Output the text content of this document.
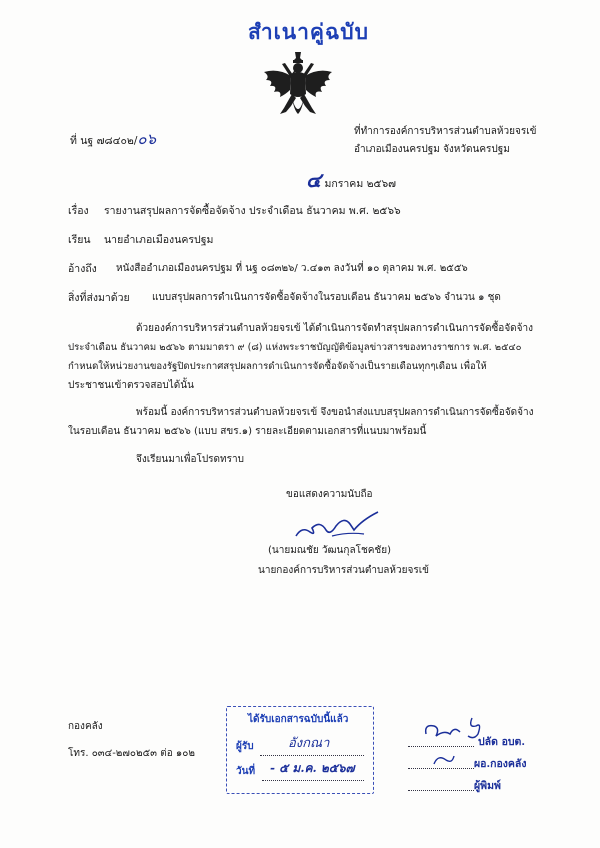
สำเนาคู่ฉบับ
ที่ นฐ ๗๘๔๐๒/๐๖	ที่ทำการองค์การบริหารส่วนตำบลห้วยจรเข้
อำเภอเมืองนครปฐม จังหวัดนครปฐม
๔ มกราคม ๒๕๖๗
เรื่อง รายงานสรุปผลการจัดซื้อจัดจ้าง ประจำเดือน ธันวาคม พ.ศ. ๒๕๖๖
เรียน นายอำเภอเมืองนครปฐม
อ้างถึง หนังสืออำเภอเมืองนครปฐม ที่ นฐ ๐๘๓๒๖/ ว.๔๑๓ ลงวันที่ ๑๐ ตุลาคม พ.ศ. ๒๕๕๖
สิ่งที่ส่งมาด้วย แบบสรุปผลการดำเนินการจัดซื้อจัดจ้างในรอบเดือน ธันวาคม ๒๕๖๖ จำนวน ๑ ชุด
ด้วยองค์การบริหารส่วนตำบลห้วยจรเข้ ได้ดำเนินการจัดทำสรุปผลการดำเนินการจัดซื้อจัดจ้าง
ประจำเดือน ธันวาคม ๒๕๖๖ ตามมาตรา ๙ (๘) แห่งพระราชบัญญัติข้อมูลข่าวสารของทางราชการ พ.ศ. ๒๕๔๐
กำหนดให้หน่วยงานของรัฐปิดประกาศสรุปผลการดำเนินการจัดซื้อจัดจ้างเป็นรายเดือนทุกๆเดือน เพื่อให้
ประชาชนเข้าตรวจสอบได้นั้น
พร้อมนี้ องค์การบริหารส่วนตำบลห้วยจรเข้ จึงขอนำส่งแบบสรุปผลการดำเนินการจัดซื้อจัดจ้าง
ในรอบเดือน ธันวาคม ๒๕๖๖ (แบบ สขร.๑) รายละเอียดตามเอกสารที่แนบมาพร้อมนี้
จึงเรียนมาเพื่อโปรดทราบ
ขอแสดงความนับถือ
(นายมณชัย วัฒนกุลโชคชัย)
นายกองค์การบริหารส่วนตำบลห้วยจรเข้
กองคลัง
โทร. ๐๓๔-๒๗๐๒๕๓ ต่อ ๑๐๒
ได้รับเอกสารฉบับนี้แล้ว
ผู้รับ	อังกณา
วันที่ - ๕ ม.ค. ๒๕๖๗
ปลัด อบต.
ผอ.กองคลัง
ผู้พิมพ์
